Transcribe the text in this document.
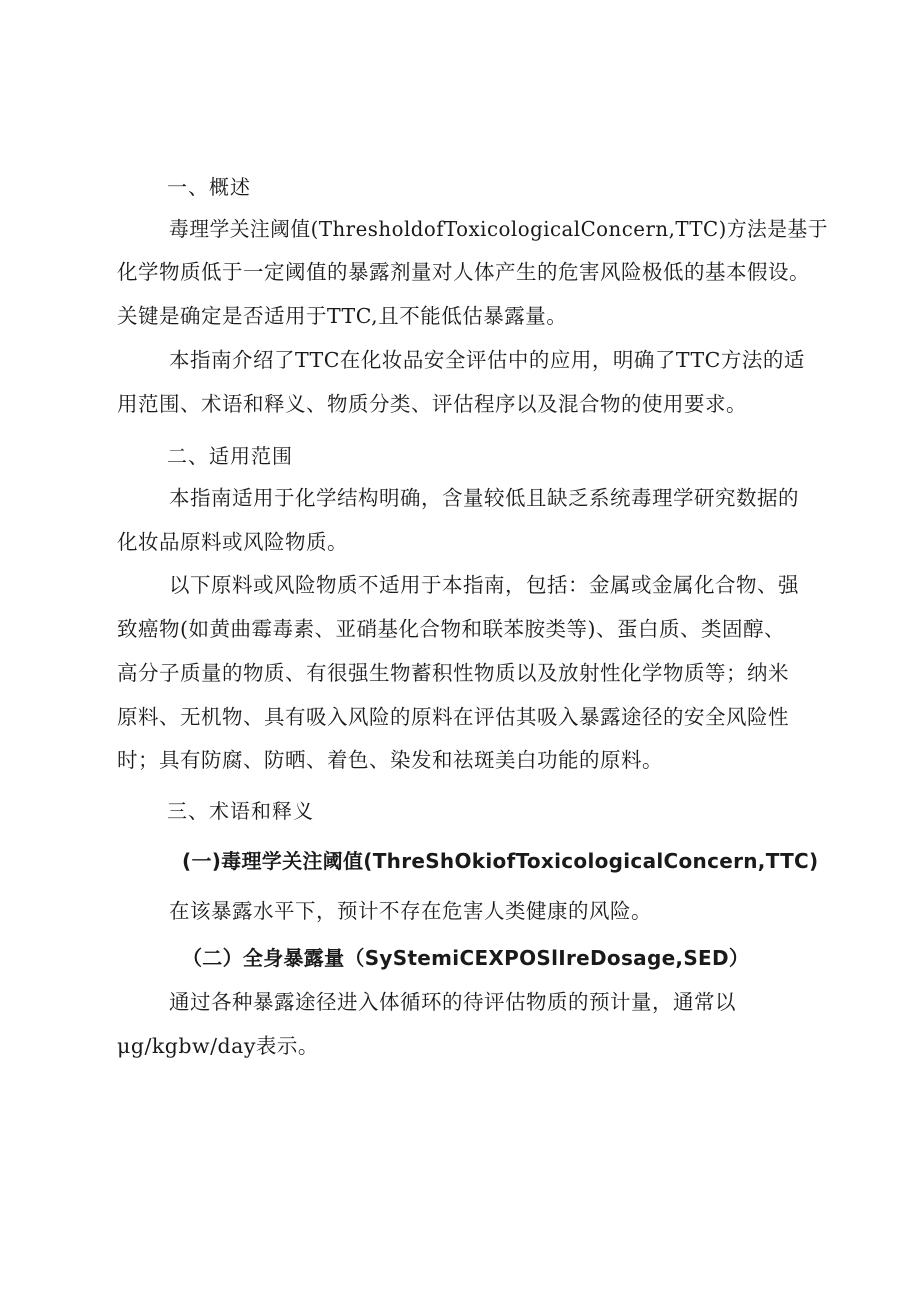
一、概述
毒理学关注阈值(ThresholdofToxicologicalConcern,TTC)方法是基于
化学物质低于一定阈值的暴露剂量对人体产生的危害风险极低的基本假设。
关键是确定是否适用于TTC,且不能低估暴露量。
本指南介绍了TTC在化妆品安全评估中的应用，明确了TTC方法的适
用范围、术语和释义、物质分类、评估程序以及混合物的使用要求。
二、适用范围
本指南适用于化学结构明确，含量较低且缺乏系统毒理学研究数据的
化妆品原料或风险物质。
以下原料或风险物质不适用于本指南，包括：金属或金属化合物、强
致癌物(如黄曲霉毒素、亚硝基化合物和联苯胺类等)、蛋白质、类固醇、
高分子质量的物质、有很强生物蓄积性物质以及放射性化学物质等；纳米
原料、无机物、具有吸入风险的原料在评估其吸入暴露途径的安全风险性
时；具有防腐、防晒、着色、染发和祛斑美白功能的原料。
三、术语和释义
(一)毒理学关注阈值(ThreShOkiofToxicologicalConcern,TTC)
在该暴露水平下，预计不存在危害人类健康的风险。
（二）全身暴露量（SyStemiCEXPOSlIreDosage,SED）
通过各种暴露途径进入体循环的待评估物质的预计量，通常以
μg/kgbw/day表示。
